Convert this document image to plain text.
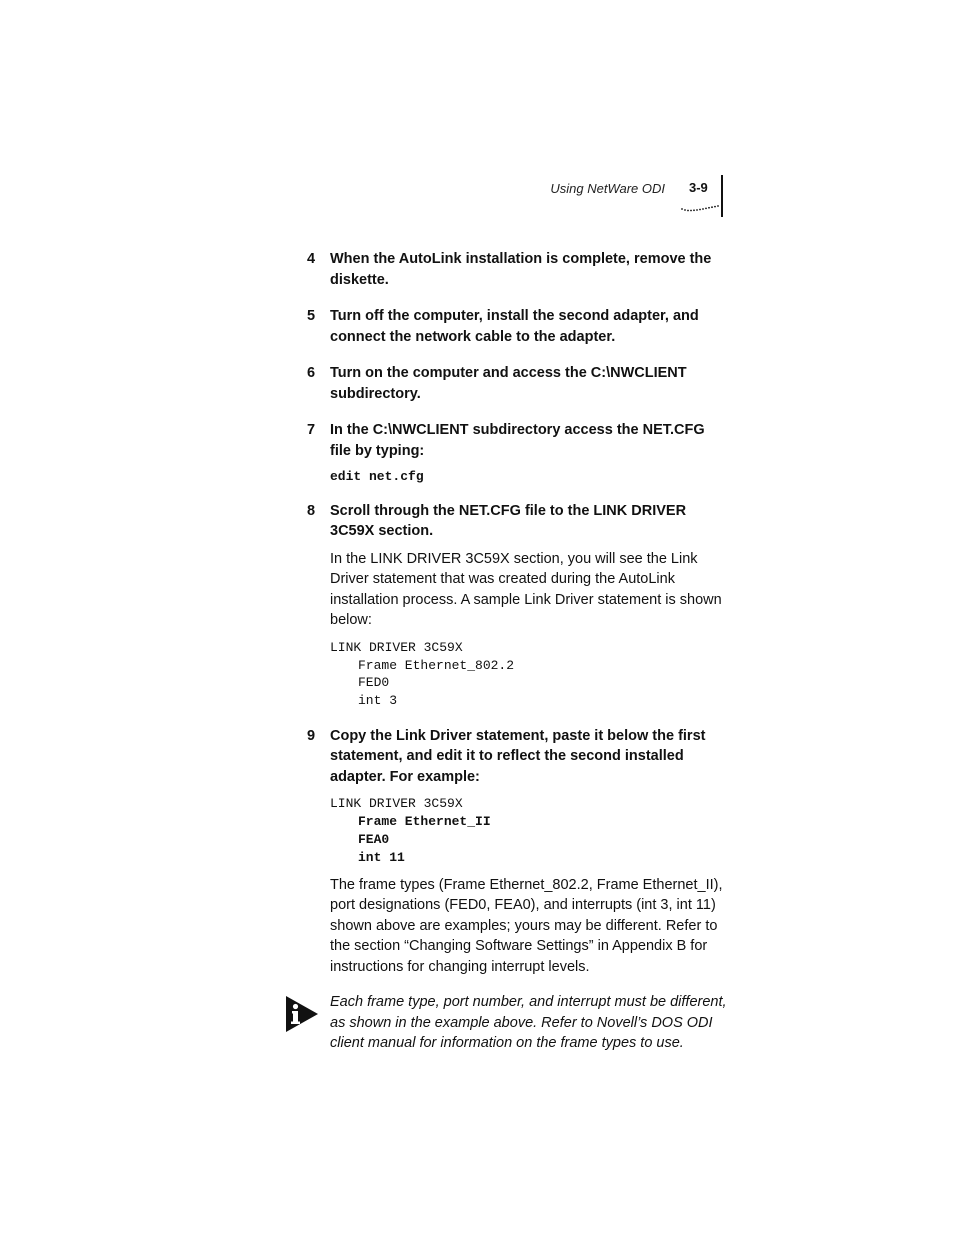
Using NetWare ODI 3-9
4 When the AutoLink installation is complete, remove the diskette.
5 Turn off the computer, install the second adapter, and connect the network cable to the adapter.
6 Turn on the computer and access the C:\NWCLIENT subdirectory.
7 In the C:\NWCLIENT subdirectory access the NET.CFG file by typing:
edit net.cfg
8 Scroll through the NET.CFG file to the LINK DRIVER 3C59X section.

In the LINK DRIVER 3C59X section, you will see the Link Driver statement that was created during the AutoLink installation process. A sample Link Driver statement is shown below:

LINK DRIVER 3C59X
Frame Ethernet_802.2
FED0
int 3
9 Copy the Link Driver statement, paste it below the first statement, and edit it to reflect the second installed adapter. For example:
LINK DRIVER 3C59X
Frame Ethernet_II
FEA0
int 11

The frame types (Frame Ethernet_802.2, Frame Ethernet_II), port designations (FED0, FEA0), and interrupts (int 3, int 11) shown above are examples; yours may be different. Refer to the section “Changing Software Settings” in Appendix B for instructions for changing interrupt levels.

Each frame type, port number, and interrupt must be different, as shown in the example above. Refer to Novell’s DOS ODI client manual for information on the frame types to use.
